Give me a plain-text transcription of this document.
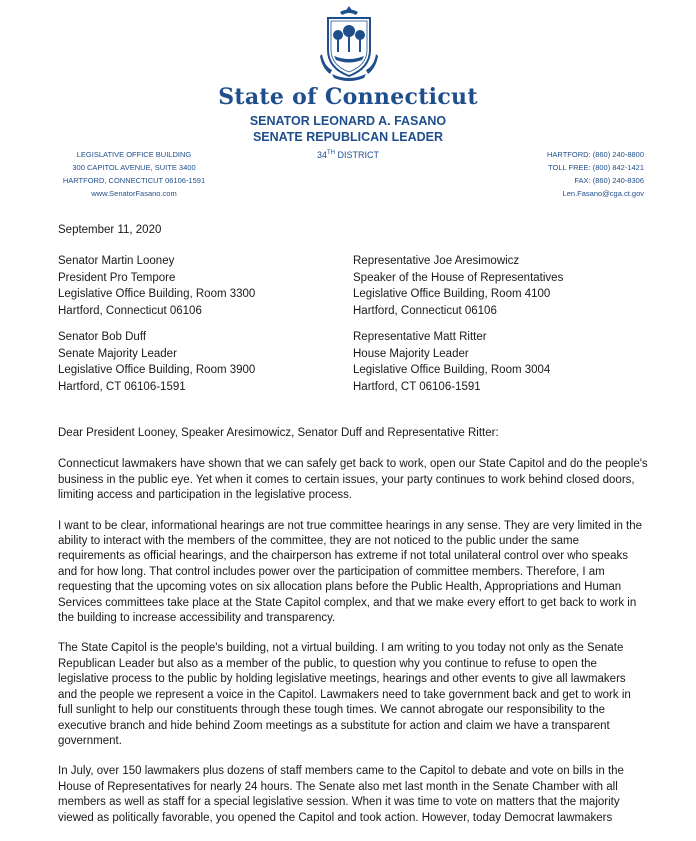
State of Connecticut
SENATOR LEONARD A. FASANO
SENATE REPUBLICAN LEADER
34TH DISTRICT
LEGISLATIVE OFFICE BUILDING
300 CAPITOL AVENUE, SUITE 3400
HARTFORD, CONNECTICUT 06106-1591
www.SenatorFasano.com
HARTFORD: (860) 240-8800
TOLL FREE: (800) 842-1421
FAX: (860) 240-8306
Len.Fasano@cga.ct.gov
September 11, 2020
Senator Martin Looney
President Pro Tempore
Legislative Office Building, Room 3300
Hartford, Connecticut 06106
Representative Joe Aresimowicz
Speaker of the House of Representatives
Legislative Office Building, Room 4100
Hartford, Connecticut 06106
Senator Bob Duff
Senate Majority Leader
Legislative Office Building, Room 3900
Hartford, CT 06106-1591
Representative Matt Ritter
House Majority Leader
Legislative Office Building, Room 3004
Hartford, CT 06106-1591

Dear President Looney, Speaker Aresimowicz, Senator Duff and Representative Ritter:

Connecticut lawmakers have shown that we can safely get back to work, open our State Capitol and do the people's business in the public eye. Yet when it comes to certain issues, your party continues to work behind closed doors, limiting access and participation in the legislative process.

I want to be clear, informational hearings are not true committee hearings in any sense. They are very limited in the ability to interact with the members of the committee, they are not noticed to the public under the same requirements as official hearings, and the chairperson has extreme if not total unilateral control over who speaks and for how long. That control includes power over the participation of committee members. Therefore, I am requesting that the upcoming votes on six allocation plans before the Public Health, Appropriations and Human Services committees take place at the State Capitol complex, and that we make every effort to get back to work in the building to increase accessibility and transparency.

The State Capitol is the people's building, not a virtual building. I am writing to you today not only as the Senate Republican Leader but also as a member of the public, to question why you continue to refuse to open the legislative process to the public by holding legislative meetings, hearings and other events to give all lawmakers and the people we represent a voice in the Capitol. Lawmakers need to take government back and get to work in full sunlight to help our constituents through these tough times. We cannot abrogate our responsibility to the executive branch and hide behind Zoom meetings as a substitute for action and claim we have a transparent government.

In July, over 150 lawmakers plus dozens of staff members came to the Capitol to debate and vote on bills in the House of Representatives for nearly 24 hours. The Senate also met last month in the Senate Chamber with all members as well as staff for a special legislative session. When it was time to vote on matters that the majority viewed as politically favorable, you opened the Capitol and took action. However, today Democrat lawmakers
